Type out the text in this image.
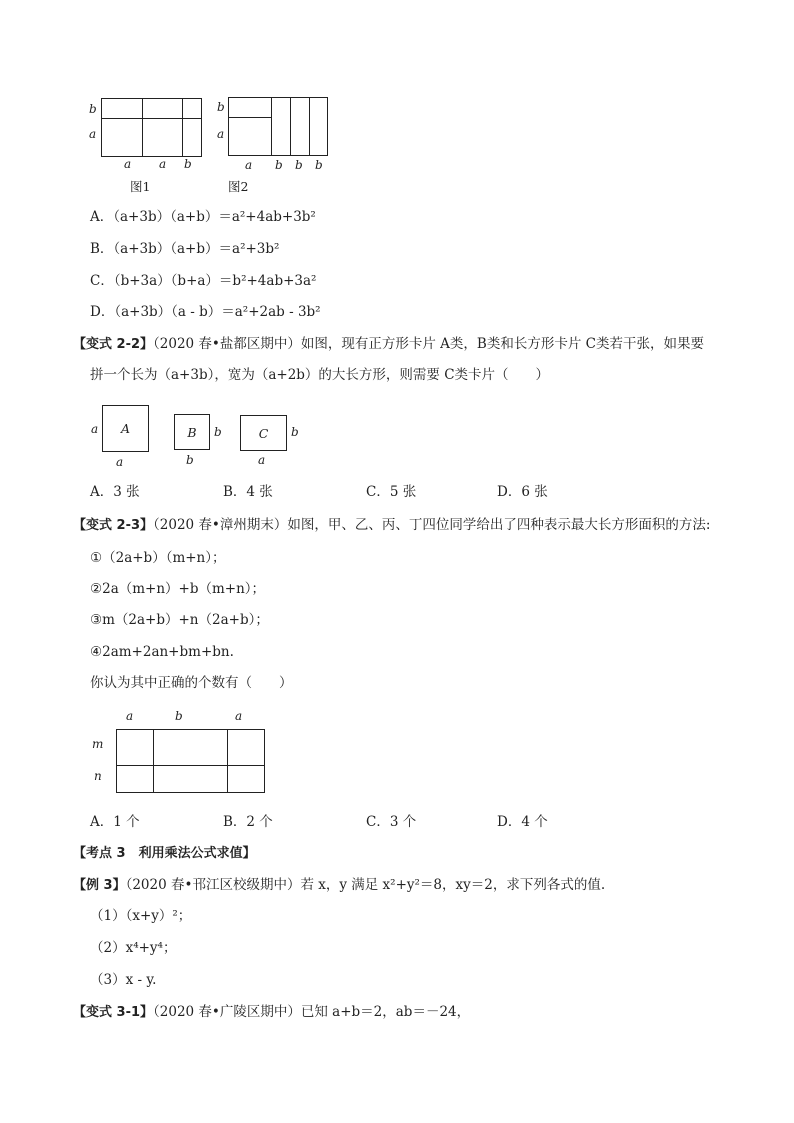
b
a
a a b
图1
b
a
a b b b
图2
A．（a+3b）（a+b）＝a²+4ab+3b²
B．（a+3b）（a+b）＝a²+3b²
C．（b+3a）（b+a）＝b²+4ab+3a²
D．（a+3b）（a - b）＝a²+2ab - 3b²
【变式 2-2】（2020 春•盐都区期中）如图，现有正方形卡片 A类，B类和长方形卡片 C类若干张，如果要
拼一个长为（a+3b），宽为（a+2b）的大长方形，则需要 C类卡片（　　）
A
a
a
B b
b
C b
a
A．3 张	B．4 张	C．5 张	D．6 张
【变式 2-3】（2020 春•漳州期末）如图，甲、乙、丙、丁四位同学给出了四种表示最大长方形面积的方法:
①（2a+b）（m+n）；
②2a（m+n）+b（m+n）；
③m（2a+b）+n（2a+b）；
④2am+2an+bm+bn.
你认为其中正确的个数有（　　）
a	b	a
m
n
A．1 个	B．2 个	C．3 个	D．4 个
【考点 3　利用乘法公式求值】
【例 3】（2020 春•邗江区校级期中）若 x，y 满足 x²+y²＝8，xy＝2，求下列各式的值.
（1）（x+y）²；
（2）x⁴+y⁴；
（3）x - y.
【变式 3-1】（2020 春•广陵区期中）已知 a+b＝2，ab＝－24，
